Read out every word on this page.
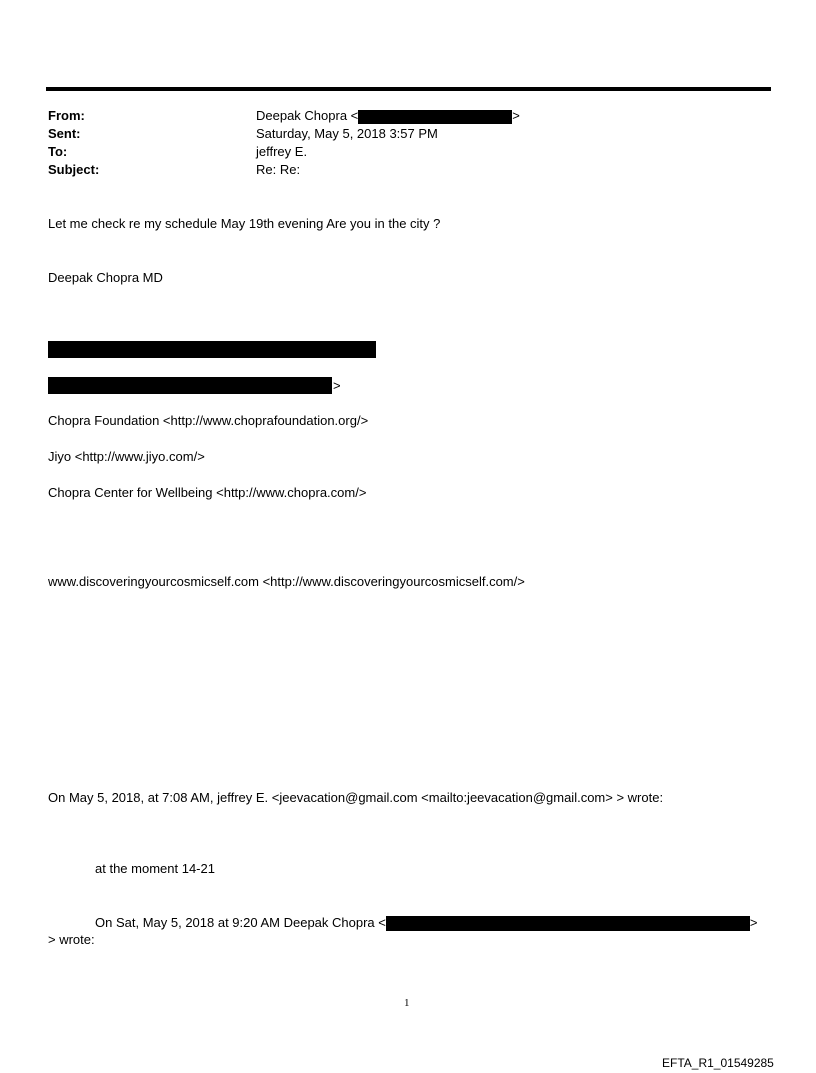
From:	Deepak Chopra <	>
Sent:	Saturday, May 5, 2018 3:57 PM
To:	jeffrey E.
Subject:	Re: Re:
Let me check re my schedule May 19th evening Are you in the city ?
Deepak Chopra MD
>
Chopra Foundation <http://www.choprafoundation.org/>
Jiyo <http://www.jiyo.com/>
Chopra Center for Wellbeing <http://www.chopra.com/>
www.discoveringyourcosmicself.com <http://www.discoveringyourcosmicself.com/>
On May 5, 2018, at 7:08 AM, jeffrey E. <jeevacation@gmail.com <mailto:jeevacation@gmail.com> > wrote:
at the moment 14-21
On Sat, May 5, 2018 at 9:20 AM Deepak Chopra <	>
> wrote:
1
EFTA_R1_01549285
